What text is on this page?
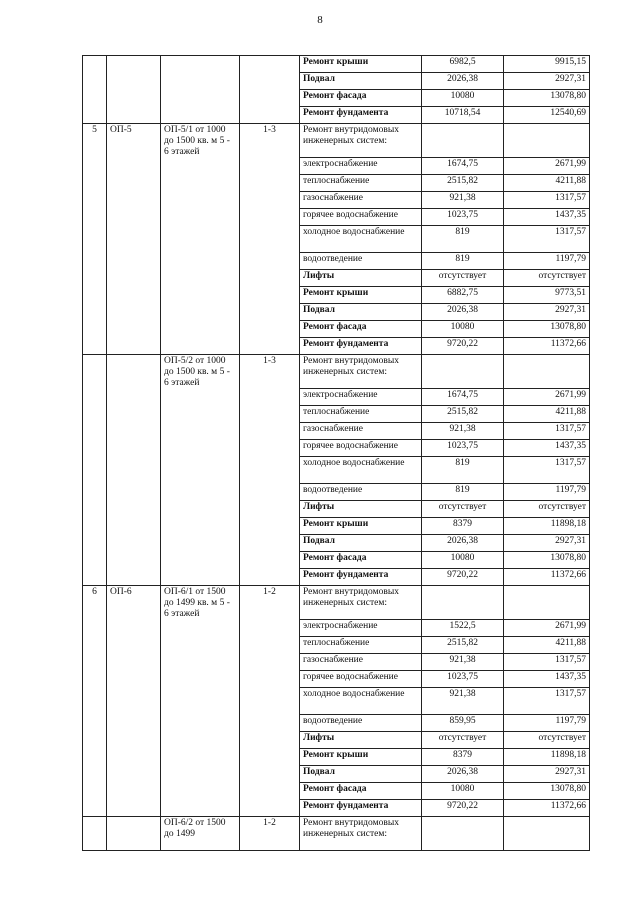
8
				Ремонт крыши	6982,5	9915,15
				Подвал	2026,38	2927,31
				Ремонт фасада	10080	13078,80
				Ремонт фундамента	10718,54	12540,69
5	ОП-5	ОП-5/1 от 1000 до 1500 кв. м 5 - 6 этажей	1-3	Ремонт внутридомовых инженерных систем:		
				электроснабжение	1674,75	2671,99
				теплоснабжение	2515,82	4211,88
				газоснабжение	921,38	1317,57
				горячее водоснабжение	1023,75	1437,35
				холодное водоснабжение	819	1317,57
				водоотведение	819	1197,79
				Лифты	отсутствует	отсутствует
				Ремонт крыши	6882,75	9773,51
				Подвал	2026,38	2927,31
				Ремонт фасада	10080	13078,80
				Ремонт фундамента	9720,22	11372,66
		ОП-5/2 от 1000 до 1500 кв. м 5 - 6 этажей	1-3	Ремонт внутридомовых инженерных систем:		
				электроснабжение	1674,75	2671,99
				теплоснабжение	2515,82	4211,88
				газоснабжение	921,38	1317,57
				горячее водоснабжение	1023,75	1437,35
				холодное водоснабжение	819	1317,57
				водоотведение	819	1197,79
				Лифты	отсутствует	отсутствует
				Ремонт крыши	8379	11898,18
				Подвал	2026,38	2927,31
				Ремонт фасада	10080	13078,80
				Ремонт фундамента	9720,22	11372,66
6	ОП-6	ОП-6/1 от 1500 до 1499 кв. м 5 - 6 этажей	1-2	Ремонт внутридомовых инженерных систем:		
				электроснабжение	1522,5	2671,99
				теплоснабжение	2515,82	4211,88
				газоснабжение	921,38	1317,57
				горячее водоснабжение	1023,75	1437,35
				холодное водоснабжение	921,38	1317,57
				водоотведение	859,95	1197,79
				Лифты	отсутствует	отсутствует
				Ремонт крыши	8379	11898,18
				Подвал	2026,38	2927,31
				Ремонт фасада	10080	13078,80
				Ремонт фундамента	9720,22	11372,66
		ОП-6/2 от 1500 до 1499	1-2	Ремонт внутридомовых инженерных систем:		
